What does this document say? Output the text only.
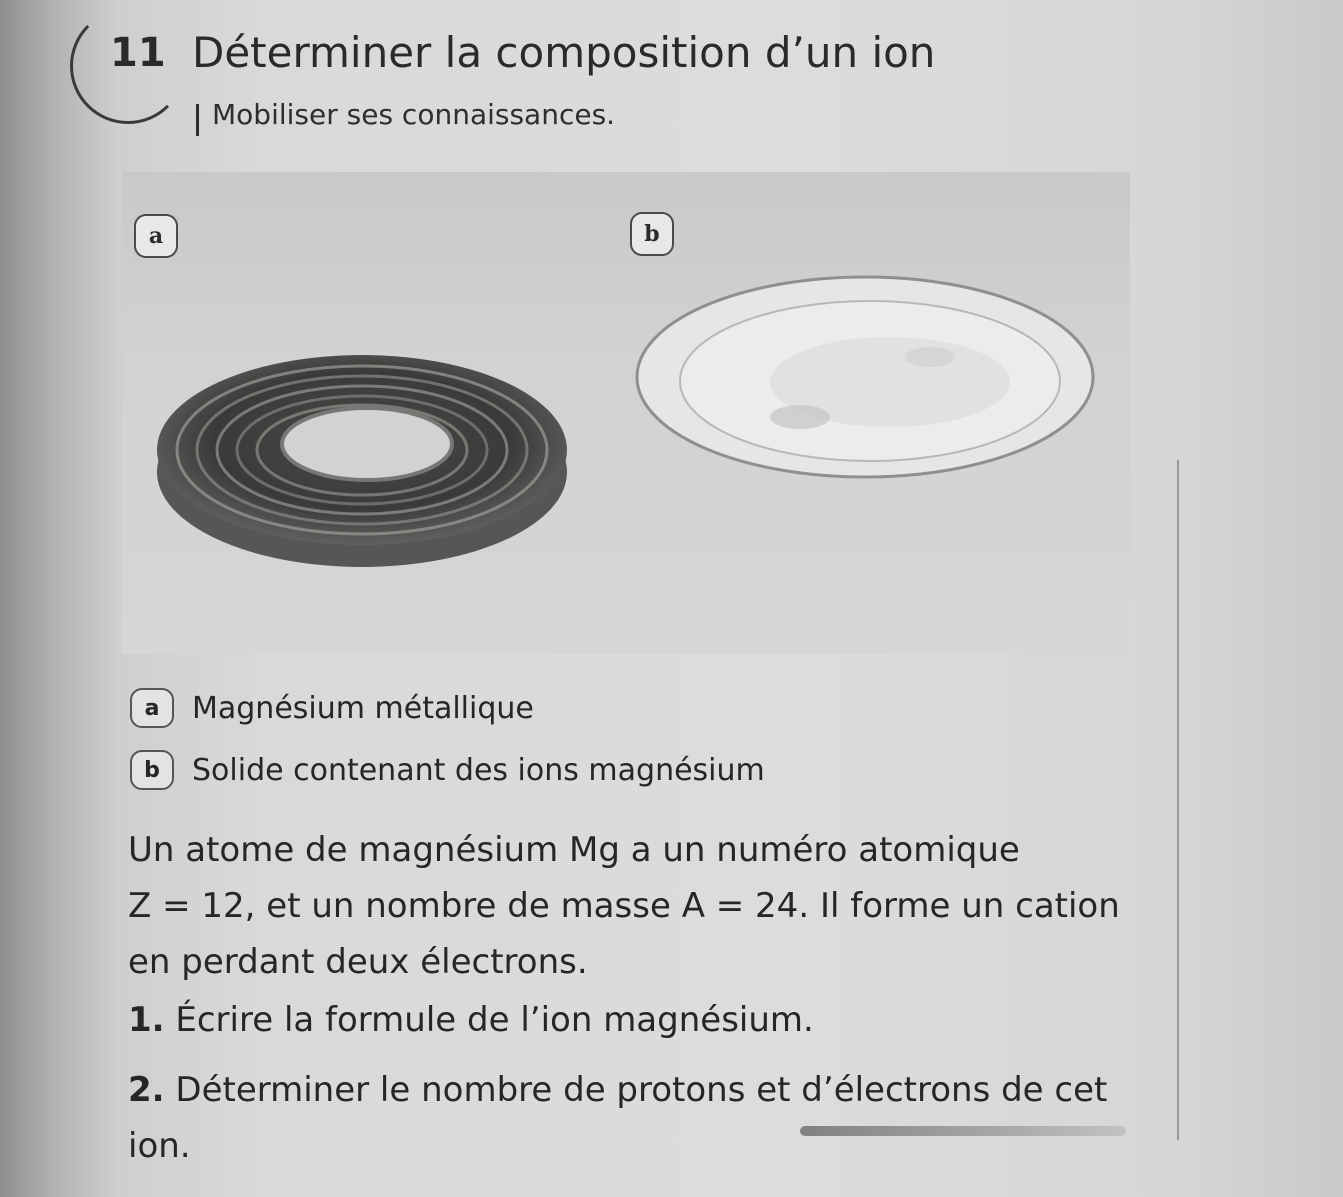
11 Déterminer la composition d’un ion
Mobiliser ses connaissances.
a	b
a	Magnésium métallique
b	Solide contenant des ions magnésium
Un atome de magnésium Mg a un numéro atomique
Z = 12, et un nombre de masse A = 24. Il forme un cation
en perdant deux électrons.
1. Écrire la formule de l’ion magnésium.
2. Déterminer le nombre de protons et d’électrons de cet ion.
